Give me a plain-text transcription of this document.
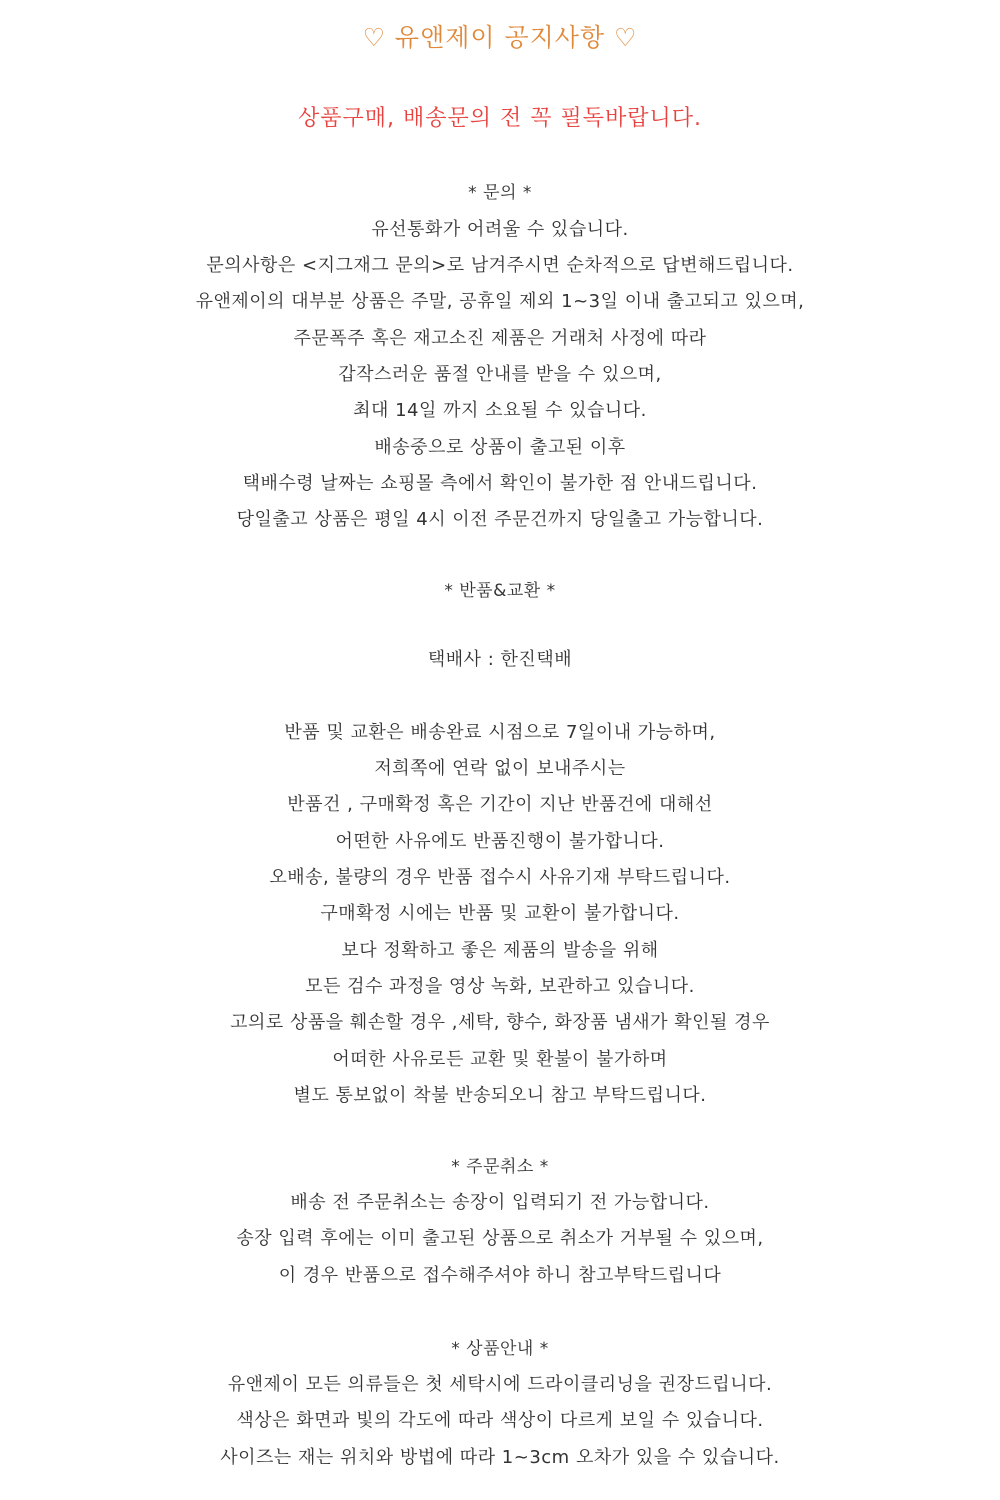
♡ 유앤제이 공지사항 ♡
상품구매, 배송문의 전 꼭 필독바랍니다.
* 문의 *
유선통화가 어려울 수 있습니다.
문의사항은 <지그재그 문의>로 남겨주시면 순차적으로 답변해드립니다.
유앤제이의 대부분 상품은 주말, 공휴일 제외 1~3일 이내 출고되고 있으며,
주문폭주 혹은 재고소진 제품은 거래처 사정에 따라
갑작스러운 품절 안내를 받을 수 있으며,
최대 14일 까지 소요될 수 있습니다.
배송중으로 상품이 출고된 이후
택배수령 날짜는 쇼핑몰 측에서 확인이 불가한 점 안내드립니다.
당일출고 상품은 평일 4시 이전 주문건까지 당일출고 가능합니다.
* 반품&교환 *
택배사 : 한진택배
반품 및 교환은 배송완료 시점으로 7일이내 가능하며,
저희쪽에 연락 없이 보내주시는
반품건 , 구매확정 혹은 기간이 지난 반품건에 대해선
어떤한 사유에도 반품진행이 불가합니다.
오배송, 불량의 경우 반품 접수시 사유기재 부탁드립니다.
구매확정 시에는 반품 및 교환이 불가합니다.
보다 정확하고 좋은 제품의 발송을 위해
모든 검수 과정을 영상 녹화, 보관하고 있습니다.
고의로 상품을 훼손할 경우 ,세탁, 향수, 화장품 냄새가 확인될 경우
어떠한 사유로든 교환 및 환불이 불가하며
별도 통보없이 착불 반송되오니 참고 부탁드립니다.
* 주문취소 *
배송 전 주문취소는 송장이 입력되기 전 가능합니다.
송장 입력 후에는 이미 출고된 상품으로 취소가 거부될 수 있으며,
이 경우 반품으로 접수해주셔야 하니 참고부탁드립니다
* 상품안내 *
유앤제이 모든 의류들은 첫 세탁시에 드라이클리닝을 권장드립니다.
색상은 화면과 빛의 각도에 따라 색상이 다르게 보일 수 있습니다.
사이즈는 재는 위치와 방법에 따라 1~3cm 오차가 있을 수 있습니다.
